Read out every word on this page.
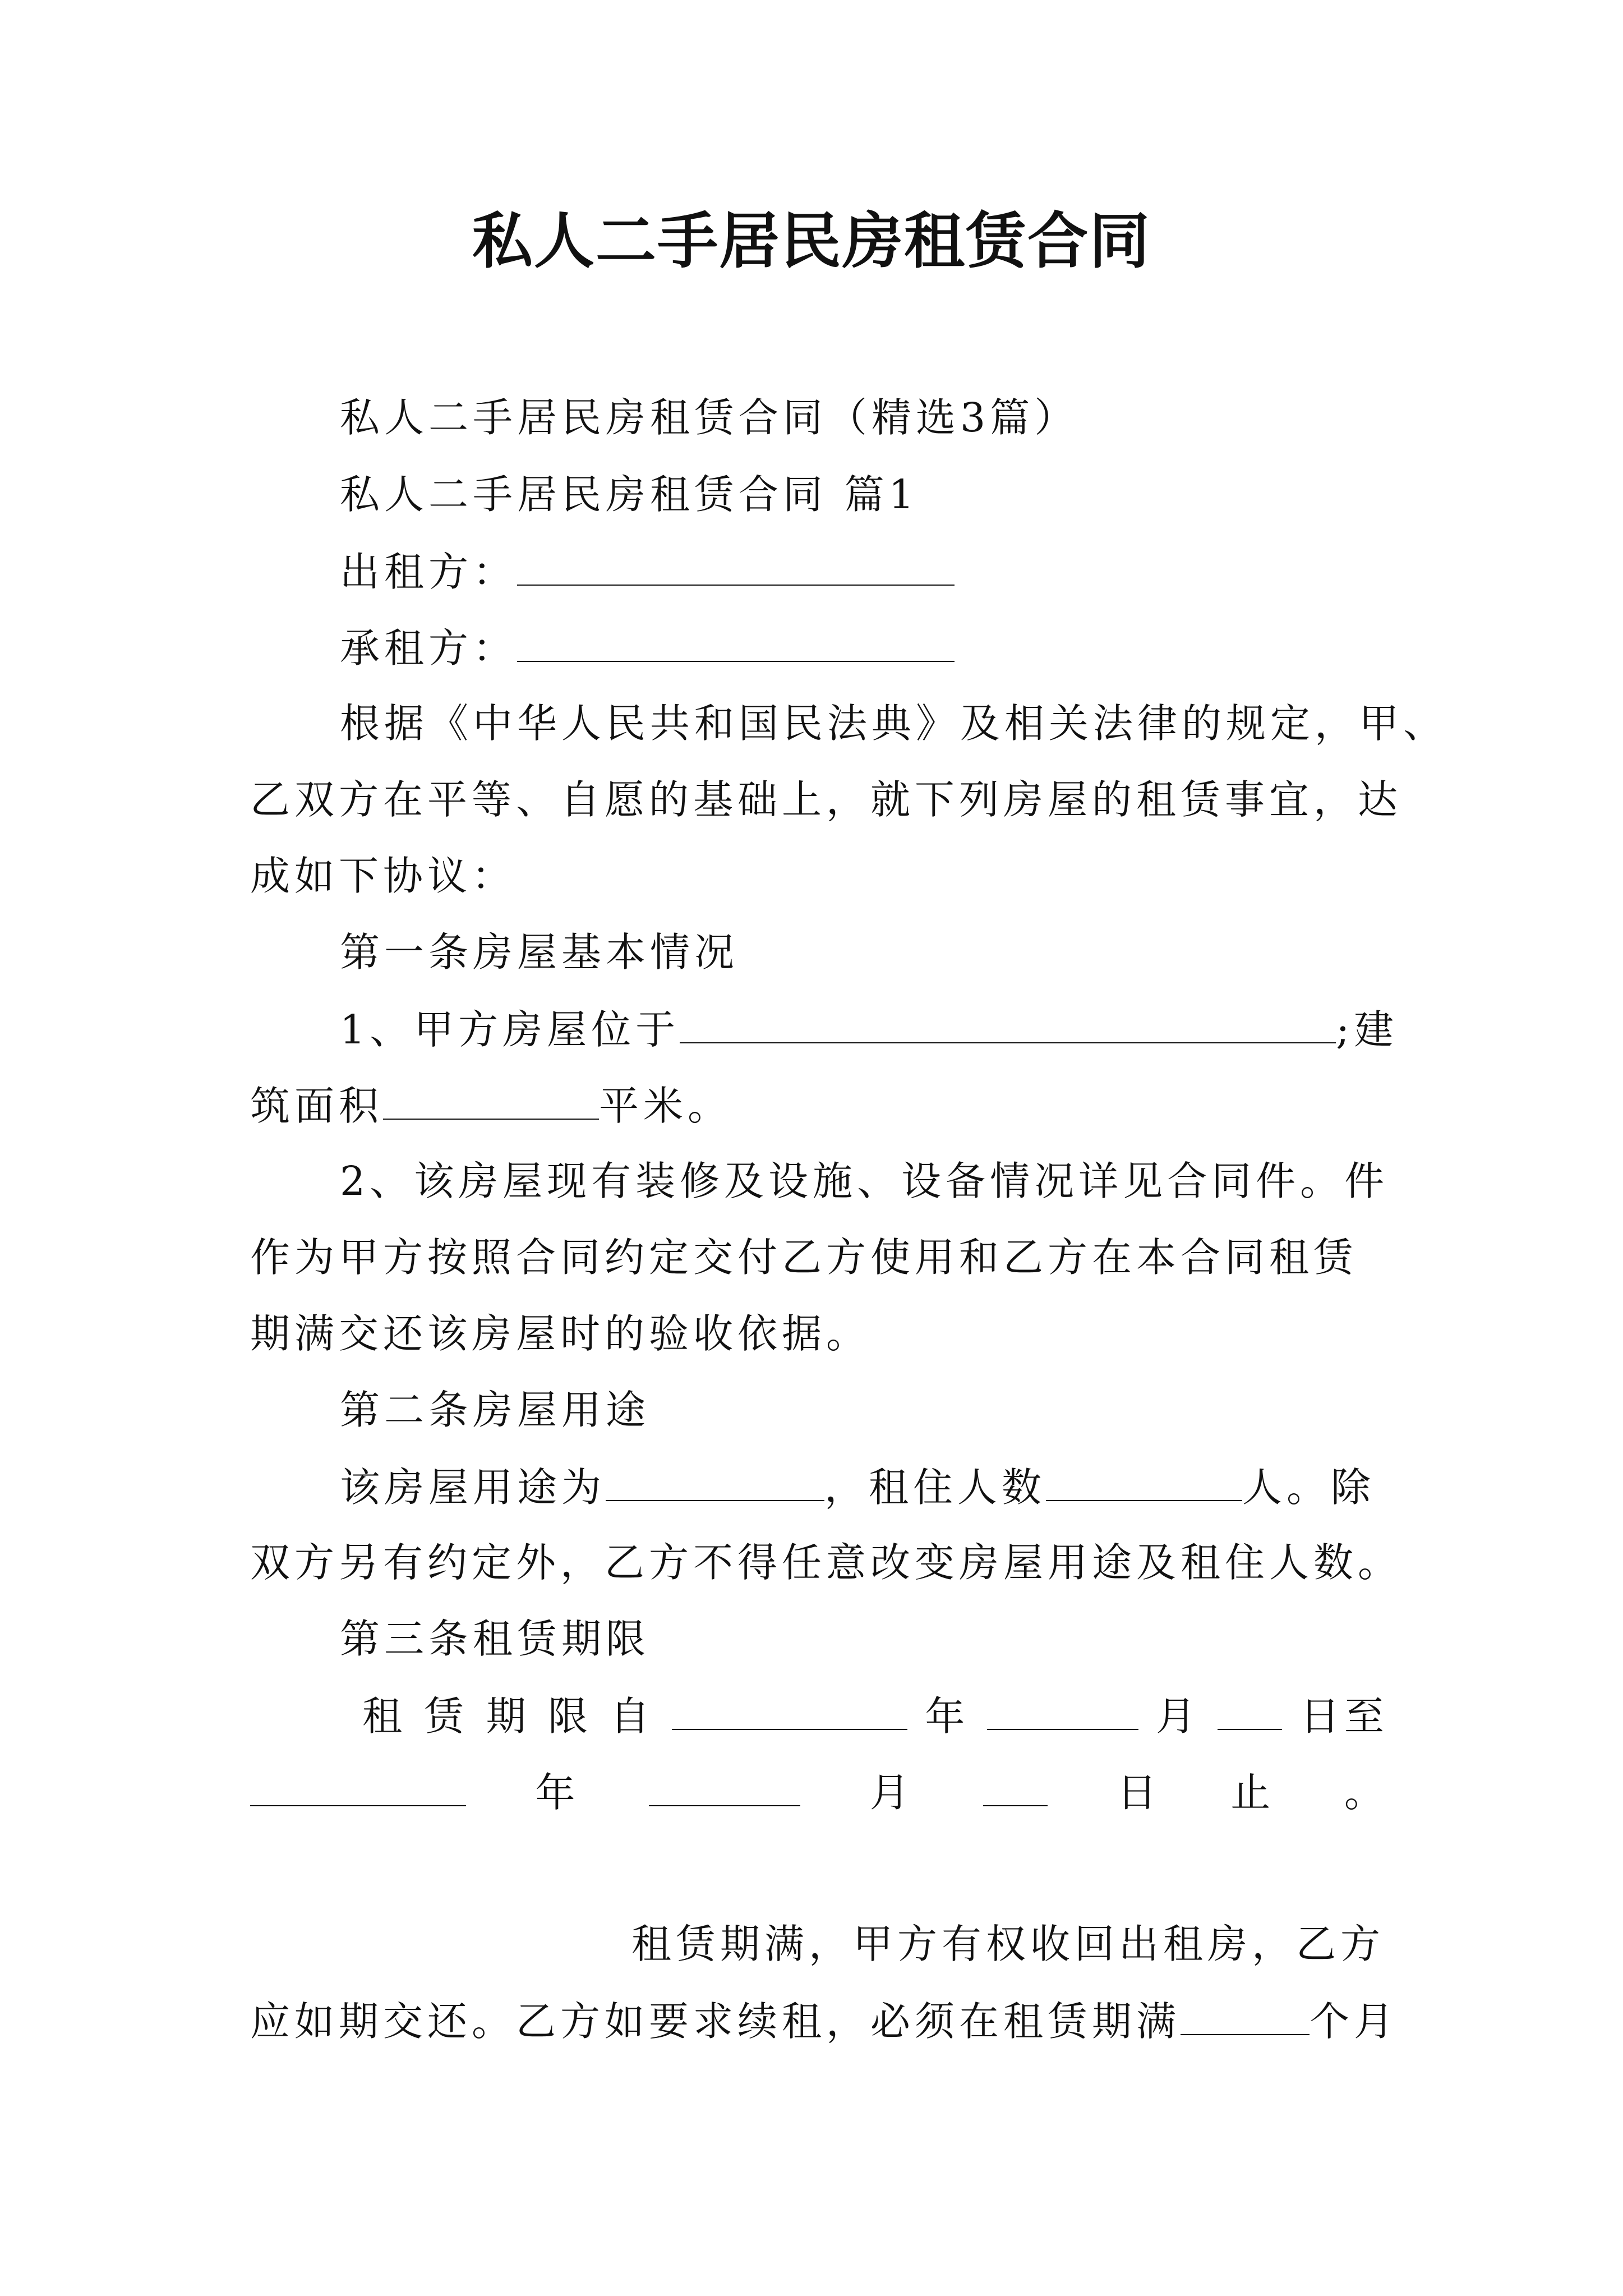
私人二手居民房租赁合同
私人二手居民房租赁合同（精选3篇）
私人二手居民房租赁合同 篇1
出租方：
承租方：
根据《中华人民共和国民法典》及相关法律的规定，甲、
乙双方在平等、自愿的基础上，就下列房屋的租赁事宜，达
成如下协议：
第一条房屋基本情况
1、甲方房屋位于	;建
筑面积	平米。
2、该房屋现有装修及设施、设备情况详见合同件。件
作为甲方按照合同约定交付乙方使用和乙方在本合同租赁
期满交还该房屋时的验收依据。
第二条房屋用途
该房屋用途为	，租住人数	人。除
双方另有约定外，乙方不得任意改变房屋用途及租住人数。
第三条租赁期限
租 赁 期 限 自	年	月	日至
年	月	日 止 。
租赁期满，甲方有权收回出租房，乙方
应如期交还。乙方如要求续租，必须在租赁期满	个月
